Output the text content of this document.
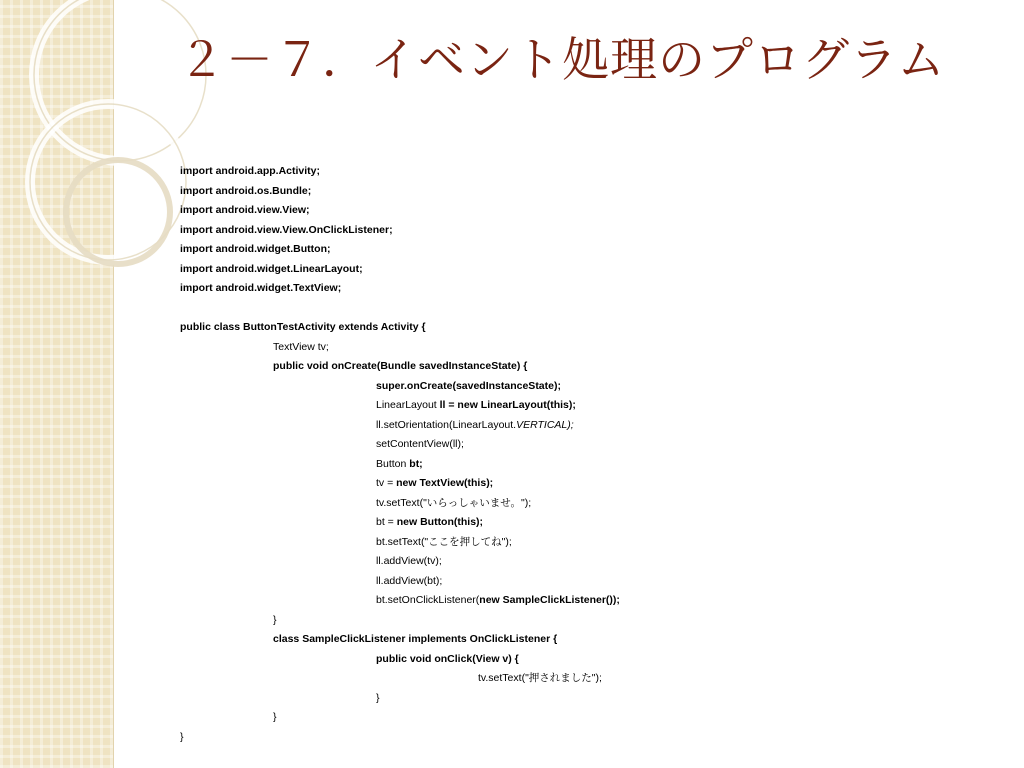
２－７．イベント処理のプログラム
import android.app.Activity;
import android.os.Bundle;
import android.view.View;
import android.view.View.OnClickListener;
import android.widget.Button;
import android.widget.LinearLayout;
import android.widget.TextView;
public class ButtonTestActivity extends Activity {
TextView tv;
public void onCreate(Bundle savedInstanceState) {
super.onCreate(savedInstanceState);
LinearLayout ll = new LinearLayout(this);
ll.setOrientation(LinearLayout.VERTICAL);
setContentView(ll);
Button bt;
tv = new TextView(this);
tv.setText("いらっしゃいませ。");
bt = new Button(this);
bt.setText("ここを押してね");
ll.addView(tv);
ll.addView(bt);
bt.setOnClickListener(new SampleClickListener());
}
class SampleClickListener implements OnClickListener {
public void onClick(View v) {
tv.setText("押されました");
}
}
}
